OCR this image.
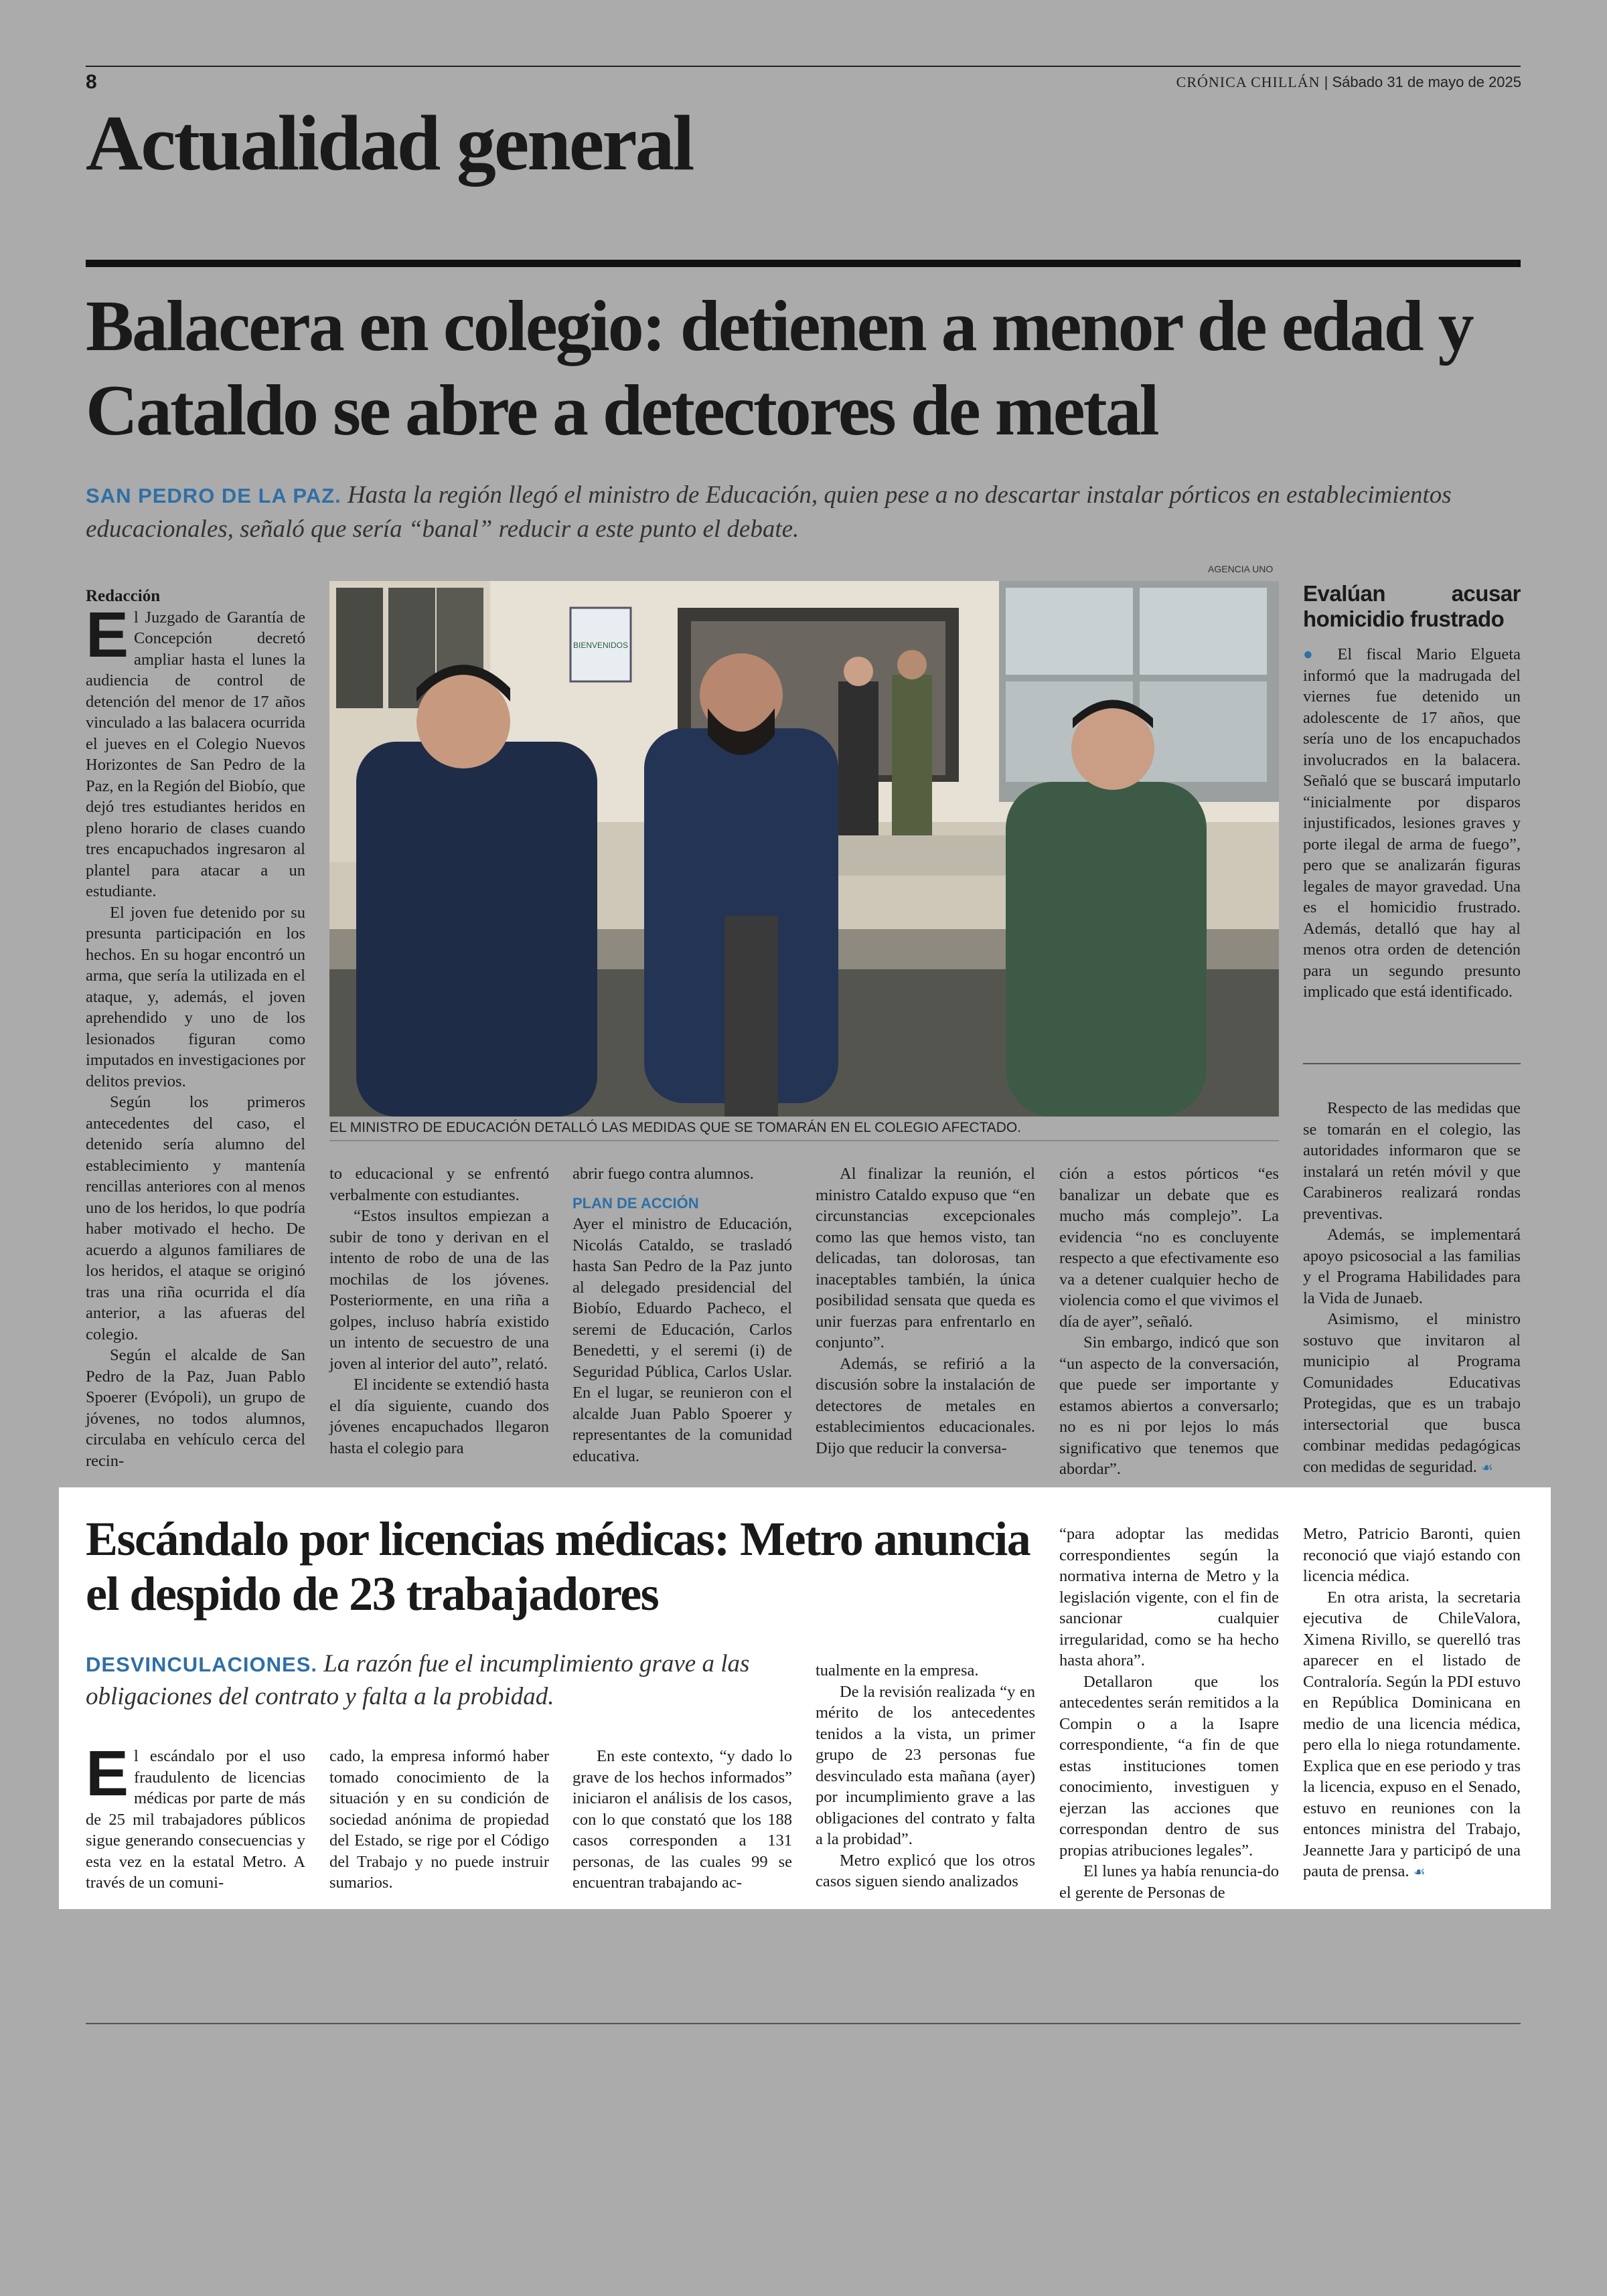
8	CRÓNICA CHILLÁN | Sábado 31 de mayo de 2025
Actualidad general
Balacera en colegio: detienen a menor de edad y Cataldo se abre a detectores de metal
SAN PEDRO DE LA PAZ. Hasta la región llegó el ministro de Educación, quien pese a no descartar instalar pórticos en establecimientos educacionales, señaló que sería “banal” reducir a este punto el debate.
AGENCIA UNO
BIENVENIDOS
EL MINISTRO DE EDUCACIÓN DETALLÓ LAS MEDIDAS QUE SE TOMARÁN EN EL COLEGIO AFECTADO.

Redacción

El Juzgado de Garantía de Concepción decretó ampliar hasta el lunes la audiencia de control de detención del menor de 17 años vinculado a las balacera ocurrida el jueves en el Colegio Nuevos Horizontes de San Pedro de la Paz, en la Región del Biobío, que dejó tres estudiantes heridos en pleno horario de clases cuando tres encapuchados ingresaron al plantel para atacar a un estudiante.

El joven fue detenido por su presunta participación en los hechos. En su hogar encontró un arma, que sería la utilizada en el ataque, y, además, el joven aprehendido y uno de los lesionados figuran como imputados en investigaciones por delitos previos.

Según los primeros antecedentes del caso, el detenido sería alumno del establecimiento y mantenía rencillas anteriores con al menos uno de los heridos, lo que podría haber motivado el hecho. De acuerdo a algunos familiares de los heridos, el ataque se originó tras una riña ocurrida el día anterior, a las afueras del colegio.

Según el alcalde de San Pedro de la Paz, Juan Pablo Spoerer (Evópoli), un grupo de jóvenes, no todos alumnos, circulaba en vehículo cerca del recin-

to educacional y se enfrentó verbalmente con estudiantes.

“Estos insultos empiezan a subir de tono y derivan en el intento de robo de una de las mochilas de los jóvenes. Posteriormente, en una riña a golpes, incluso habría existido un intento de secuestro de una joven al interior del auto”, relató.

El incidente se extendió hasta el día siguiente, cuando dos jóvenes encapuchados llegaron hasta el colegio para

abrir fuego contra alumnos.

PLAN DE ACCIÓN

Ayer el ministro de Educación, Nicolás Cataldo, se trasladó hasta San Pedro de la Paz junto al delegado presidencial del Biobío, Eduardo Pacheco, el seremi de Educación, Carlos Benedetti, y el seremi (i) de Seguridad Pública, Carlos Uslar. En el lugar, se reunieron con el alcalde Juan Pablo Spoerer y representantes de la comunidad educativa.

Al finalizar la reunión, el ministro Cataldo expuso que “en circunstancias excepcionales como las que hemos visto, tan delicadas, tan dolorosas, tan inaceptables también, la única posibilidad sensata que queda es unir fuerzas para enfrentarlo en conjunto”.

Además, se refirió a la discusión sobre la instalación de detectores de metales en establecimientos educacionales. Dijo que reducir la conversa-

ción a estos pórticos “es banalizar un debate que es mucho más complejo”. La evidencia “no es concluyente respecto a que efectivamente eso va a detener cualquier hecho de violencia como el que vivimos el día de ayer”, señaló.

Sin embargo, indicó que son “un aspecto de la conversación, que puede ser importante y estamos abiertos a conversarlo; no es ni por lejos lo más significativo que tenemos que abordar”.

Evalúan acusar homicidio frustrado

● El fiscal Mario Elgueta informó que la madrugada del viernes fue detenido un adolescente de 17 años, que sería uno de los encapuchados involucrados en la balacera. Señaló que se buscará imputarlo “inicialmente por disparos injustificados, lesiones graves y porte ilegal de arma de fuego”, pero que se analizarán figuras legales de mayor gravedad. Una es el homicidio frustrado. Además, detalló que hay al menos otra orden de detención para un segundo presunto implicado que está identificado.

Respecto de las medidas que se tomarán en el colegio, las autoridades informaron que se instalará un retén móvil y que Carabineros realizará rondas preventivas.

Además, se implementará apoyo psicosocial a las familias y el Programa Habilidades para la Vida de Junaeb.

Asimismo, el ministro sostuvo que invitaron al municipio al Programa Comunidades Educativas Protegidas, que es un trabajo intersectorial que busca combinar medidas pedagógicas con medidas de seguridad. ☙

Escándalo por licencias médicas: Metro anuncia el despido de 23 trabajadores
DESVINCULACIONES. La razón fue el incumplimiento grave a las obligaciones del contrato y falta a la probidad.

El escándalo por el uso fraudulento de licencias médicas por parte de más de 25 mil trabajadores públicos sigue generando consecuencias y esta vez en la estatal Metro. A través de un comuni-

cado, la empresa informó haber tomado conocimiento de la situación y en su condición de sociedad anónima de propiedad del Estado, se rige por el Código del Trabajo y no puede instruir sumarios.

En este contexto, “y dado lo grave de los hechos informados” iniciaron el análisis de los casos, con lo que constató que los 188 casos corresponden a 131 personas, de las cuales 99 se encuentran trabajando ac-

tualmente en la empresa.

De la revisión realizada “y en mérito de los antecedentes tenidos a la vista, un primer grupo de 23 personas fue desvinculado esta mañana (ayer) por incumplimiento grave a las obligaciones del contrato y falta a la probidad”.

Metro explicó que los otros casos siguen siendo analizados

“para adoptar las medidas correspondientes según la normativa interna de Metro y la legislación vigente, con el fin de sancionar cualquier irregularidad, como se ha hecho hasta ahora”.

Detallaron que los antecedentes serán remitidos a la Compin o a la Isapre correspondiente, “a fin de que estas instituciones tomen conocimiento, investiguen y ejerzan las acciones que correspondan dentro de sus propias atribuciones legales”.

El lunes ya había renuncia-do el gerente de Personas de

Metro, Patricio Baronti, quien reconoció que viajó estando con licencia médica.

En otra arista, la secretaria ejecutiva de ChileValora, Ximena Rivillo, se querelló tras aparecer en el listado de Contraloría. Según la PDI estuvo en República Dominicana en medio de una licencia médica, pero ella lo niega rotundamente. Explica que en ese periodo y tras la licencia, expuso en el Senado, estuvo en reuniones con la entonces ministra del Trabajo, Jeannette Jara y participó de una pauta de prensa. ☙
